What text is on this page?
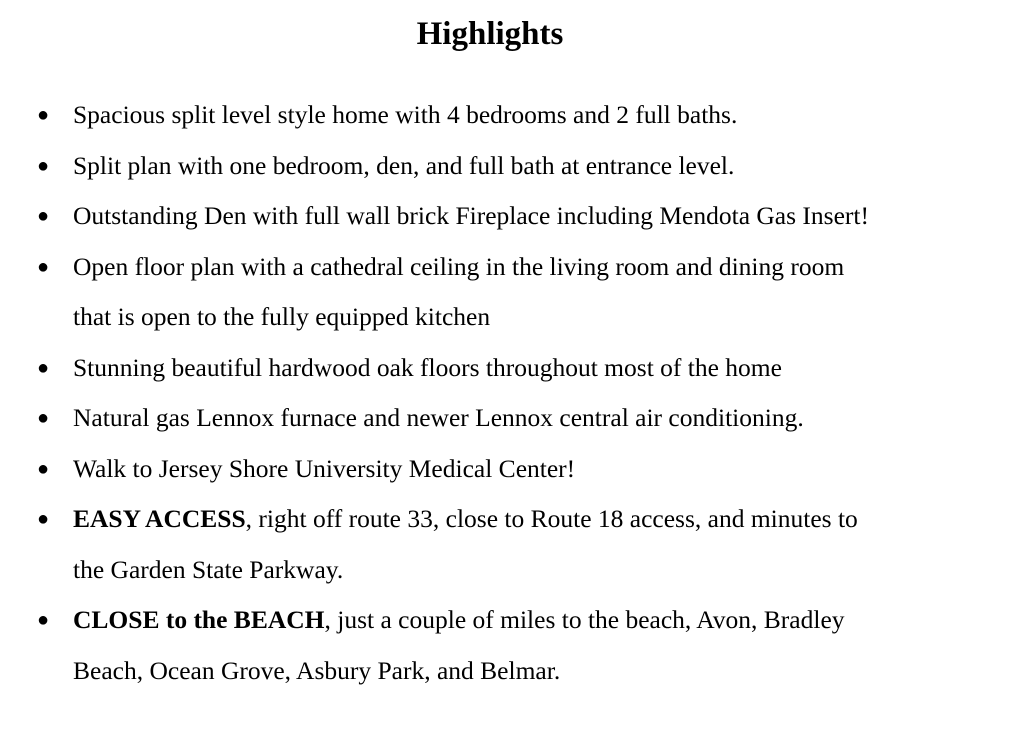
Highlights
● Spacious split level style home with 4 bedrooms and 2 full baths.
● Split plan with one bedroom, den, and full bath at entrance level.
● Outstanding Den with full wall brick Fireplace including Mendota Gas Insert!
● Open floor plan with a cathedral ceiling in the living room and dining room
that is open to the fully equipped kitchen
● Stunning beautiful hardwood oak floors throughout most of the home
● Natural gas Lennox furnace and newer Lennox central air conditioning.
● Walk to Jersey Shore University Medical Center!
● EASY ACCESS, right off route 33, close to Route 18 access, and minutes to
the Garden State Parkway.
● CLOSE to the BEACH, just a couple of miles to the beach, Avon, Bradley
Beach, Ocean Grove, Asbury Park, and Belmar.
